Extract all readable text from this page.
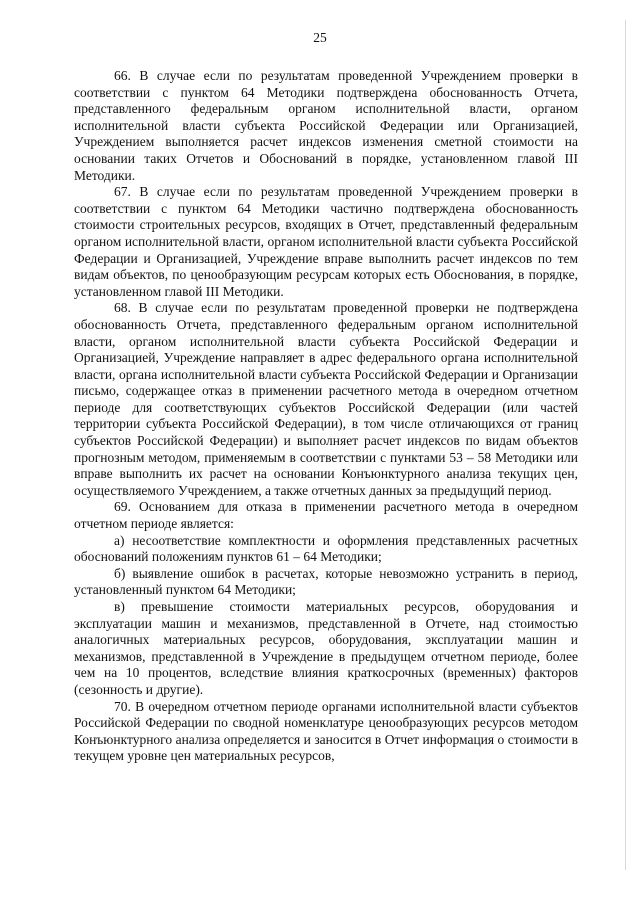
25

66. В случае если по результатам проведенной Учреждением проверки в соответствии с пунктом 64 Методики подтверждена обоснованность Отчета, представленного федеральным органом исполнительной власти, органом исполнительной власти субъекта Российской Федерации или Организацией, Учреждением выполняется расчет индексов изменения сметной стоимости на основании таких Отчетов и Обоснований в порядке, установленном главой III Методики.

67. В случае если по результатам проведенной Учреждением проверки в соответствии с пунктом 64 Методики частично подтверждена обоснованность стоимости строительных ресурсов, входящих в Отчет, представленный федеральным органом исполнительной власти, органом исполнительной власти субъекта Российской Федерации и Организацией, Учреждение вправе выполнить расчет индексов по тем видам объектов, по ценообразующим ресурсам которых есть Обоснования, в порядке, установленном главой III Методики.

68. В случае если по результатам проведенной проверки не подтверждена обоснованность Отчета, представленного федеральным органом исполнительной власти, органом исполнительной власти субъекта Российской Федерации и Организацией, Учреждение направляет в адрес федерального органа исполнительной власти, органа исполнительной власти субъекта Российской Федерации и Организации письмо, содержащее отказ в применении расчетного метода в очередном отчетном периоде для соответствующих субъектов Российской Федерации (или частей территории субъекта Российской Федерации), в том числе отличающихся от границ субъектов Российской Федерации) и выполняет расчет индексов по видам объектов прогнозным методом, применяемым в соответствии с пунктами 53 – 58 Методики или вправе выполнить их расчет на основании Конъюнктурного анализа текущих цен, осуществляемого Учреждением, а также отчетных данных за предыдущий период.

69. Основанием для отказа в применении расчетного метода в очередном отчетном периоде является:

а) несоответствие комплектности и оформления представленных расчетных обоснований положениям пунктов 61 – 64 Методики;

б) выявление ошибок в расчетах, которые невозможно устранить в период, установленный пунктом 64 Методики;

в) превышение стоимости материальных ресурсов, оборудования и эксплуатации машин и механизмов, представленной в Отчете, над стоимостью аналогичных материальных ресурсов, оборудования, эксплуатации машин и механизмов, представленной в Учреждение в предыдущем отчетном периоде, более чем на 10 процентов, вследствие влияния краткосрочных (временных) факторов (сезонность и другие).

70. В очередном отчетном периоде органами исполнительной власти субъектов Российской Федерации по сводной номенклатуре ценообразующих ресурсов методом Конъюнктурного анализа определяется и заносится в Отчет информация о стоимости в текущем уровне цен материальных ресурсов,
